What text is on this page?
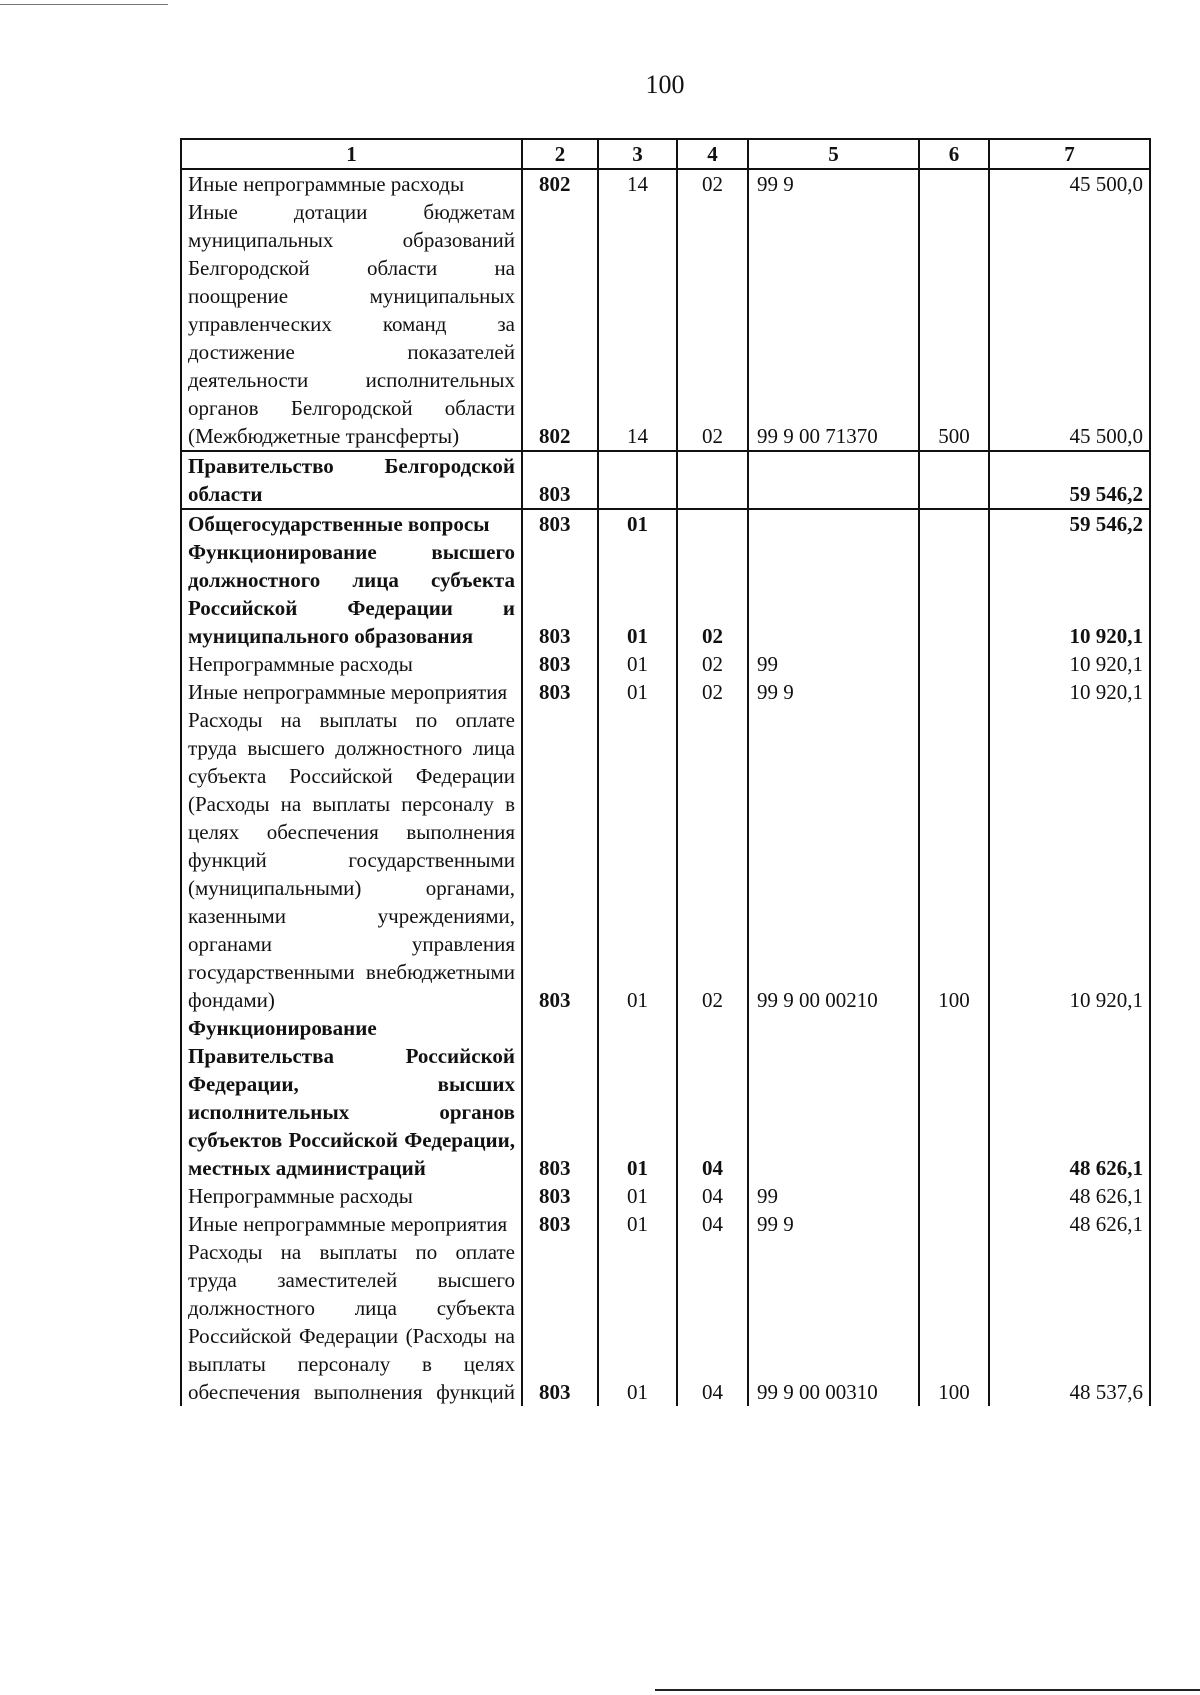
100
1	2	3	4	5	6	7
Иные непрограммные расходы	802	14	02	99 9		45 500,0
Иные дотации бюджетам муниципальных образований Белгородской области на поощрение муниципальных управленческих команд за достижение показателей деятельности исполнительных органов Белгородской области (Межбюджетные трансферты)	802	14	02	99 9 00 71370	500	45 500,0
Правительство Белгородской области	803					59 546,2
Общегосударственные вопросы	803	01				59 546,2
Функционирование высшего должностного лица субъекта Российской Федерации и муниципального образования	803	01	02			10 920,1
Непрограммные расходы	803	01	02	99		10 920,1
Иные непрограммные мероприятия	803	01	02	99 9		10 920,1
Расходы на выплаты по оплате труда высшего должностного лица субъекта Российской Федерации (Расходы на выплаты персоналу в целях обеспечения выполнения функций государственными (муниципальными) органами, казенными учреждениями, органами управления государственными внебюджетными фондами)	803	01	02	99 9 00 00210	100	10 920,1
Функционирование Правительства Российской Федерации, высших исполнительных органов субъектов Российской Федерации, местных администраций	803	01	04			48 626,1
Непрограммные расходы	803	01	04	99		48 626,1
Иные непрограммные мероприятия	803	01	04	99 9		48 626,1
Расходы на выплаты по оплате труда заместителей высшего должностного лица субъекта Российской Федерации (Расходы на выплаты персоналу в целях обеспечения выполнения функций	803	01	04	99 9 00 00310	100	48 537,6
